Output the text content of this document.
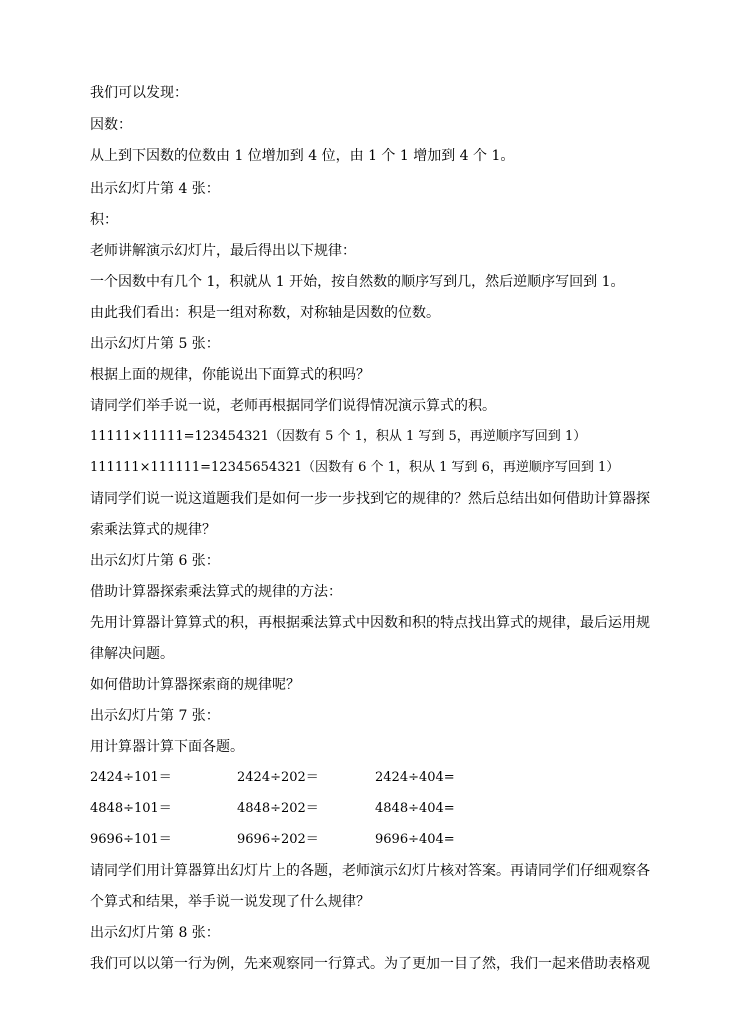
我们可以发现：
因数：
从上到下因数的位数由 1 位增加到 4 位，由 1 个 1 增加到 4 个 1。
出示幻灯片第 4 张：
积：
老师讲解演示幻灯片，最后得出以下规律：
一个因数中有几个 1，积就从 1 开始，按自然数的顺序写到几，然后逆顺序写回到 1。
由此我们看出：积是一组对称数，对称轴是因数的位数。
出示幻灯片第 5 张：
根据上面的规律，你能说出下面算式的积吗？
请同学们举手说一说，老师再根据同学们说得情况演示算式的积。
11111×11111=123454321（因数有 5 个 1，积从 1 写到 5，再逆顺序写回到 1）
111111×111111=12345654321（因数有 6 个 1，积从 1 写到 6，再逆顺序写回到 1）
请同学们说一说这道题我们是如何一步一步找到它的规律的？然后总结出如何借助计算器探
索乘法算式的规律？
出示幻灯片第 6 张：
借助计算器探索乘法算式的规律的方法：
先用计算器计算算式的积，再根据乘法算式中因数和积的特点找出算式的规律，最后运用规
律解决问题。
如何借助计算器探索商的规律呢？
出示幻灯片第 7 张：
用计算器计算下面各题。
2424÷101＝	2424÷202＝	2424÷404=
4848÷101＝	4848÷202＝	4848÷404=
9696÷101＝	9696÷202＝	9696÷404=
请同学们用计算器算出幻灯片上的各题，老师演示幻灯片核对答案。再请同学们仔细观察各
个算式和结果，举手说一说发现了什么规律？
出示幻灯片第 8 张：
我们可以以第一行为例，先来观察同一行算式。为了更加一目了然，我们一起来借助表格观
